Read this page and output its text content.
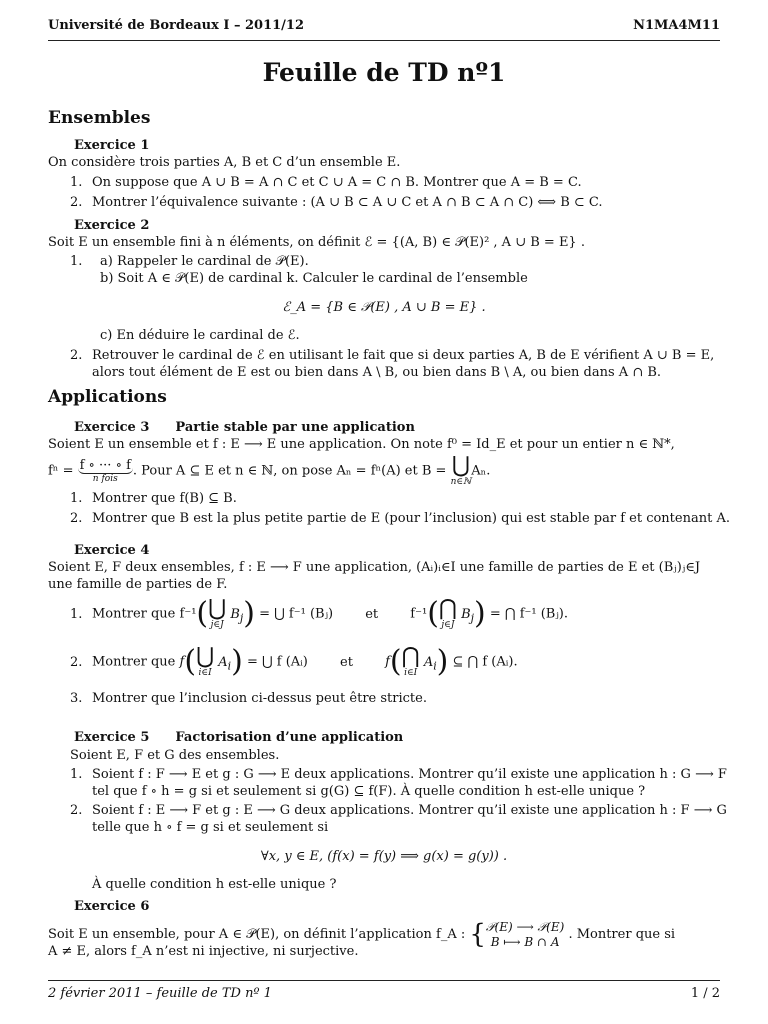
Université de Bordeaux I – 2011/12	N1MA4M11
Feuille de TD nº1
Ensembles
Exercice 1
On considère trois parties A, B et C d’un ensemble E.
1. On suppose que A ∪ B = A ∩ C et C ∪ A = C ∩ B. Montrer que A = B = C.
2. Montrer l’équivalence suivante : (A ∪ B ⊂ A ∪ C et A ∩ B ⊂ A ∩ C) ⟺ B ⊂ C.
Exercice 2
Soit E un ensemble fini à n éléments, on définit ℰ = {(A, B) ∈ 𝒫(E)² , A ∪ B = E} .
1. a) Rappeler le cardinal de 𝒫(E).
b) Soit A ∈ 𝒫(E) de cardinal k. Calculer le cardinal de l’ensemble
ℰ_A = {B ∈ 𝒫(E) , A ∪ B = E} .
c) En déduire le cardinal de ℰ.
2. Retrouver le cardinal de ℰ en utilisant le fait que si deux parties A, B de E vérifient A ∪ B = E,
alors tout élément de E est ou bien dans A \ B, ou bien dans B \ A, ou bien dans A ∩ B.
Applications
Exercice 3 Partie stable par une application
Soient E un ensemble et f : E ⟶ E une application. On note f⁰ = Id_E et pour un entier n ∈ ℕ*,
fⁿ = f ∘ ··· ∘ f
n fois
. Pour A ⊆ E et n ∈ ℕ, on pose Aₙ = fⁿ(A) et B = ⋃
n∈ℕ
Aₙ.
1. Montrer que f(B) ⊆ B.
2. Montrer que B est la plus petite partie de E (pour l’inclusion) qui est stable par f et contenant A.
Exercice 4
Soient E, F deux ensembles, f : E ⟶ F une application, (Aᵢ)ᵢ∈I une famille de parties de E et (Bⱼ)ⱼ∈J
une famille de parties de F.
1. Montrer que f⁻¹( ⋃
j∈J
$B_j$) = ⋃ f⁻¹ (Bⱼ) et f⁻¹( ⋂
j∈J
$B_j$) = ⋂ f⁻¹ (Bⱼ).
2. Montrer que f( ⋃
i∈I
$A_i$) = ⋃ f (Aᵢ) et f( ⋂
i∈I
$A_i$) ⊆ ⋂ f (Aᵢ).
3. Montrer que l’inclusion ci-dessus peut être stricte.
Exercice 5 Factorisation d’une application
Soient E, F et G des ensembles.
1. Soient f : F ⟶ E et g : G ⟶ E deux applications. Montrer qu’il existe une application h : G ⟶ F
tel que f ∘ h = g si et seulement si g(G) ⊆ f(F). À quelle condition h est-elle unique ?
2. Soient f : E ⟶ F et g : E ⟶ G deux applications. Montrer qu’il existe une application h : F ⟶ G
telle que h ∘ f = g si et seulement si
∀x, y ∈ E, (f(x) = f(y) ⟹ g(x) = g(y)) .
À quelle condition h est-elle unique ?
Exercice 6
Soit E un ensemble, pour A ∈ 𝒫(E), on définit l’application f_A : { 𝒫(E) ⟶ 𝒫(E)
B ⟼ B ∩ A . Montrer que si
A ≠ E, alors f_A n’est ni injective, ni surjective.
2 février 2011 – feuille de TD nº 1	1 / 2
